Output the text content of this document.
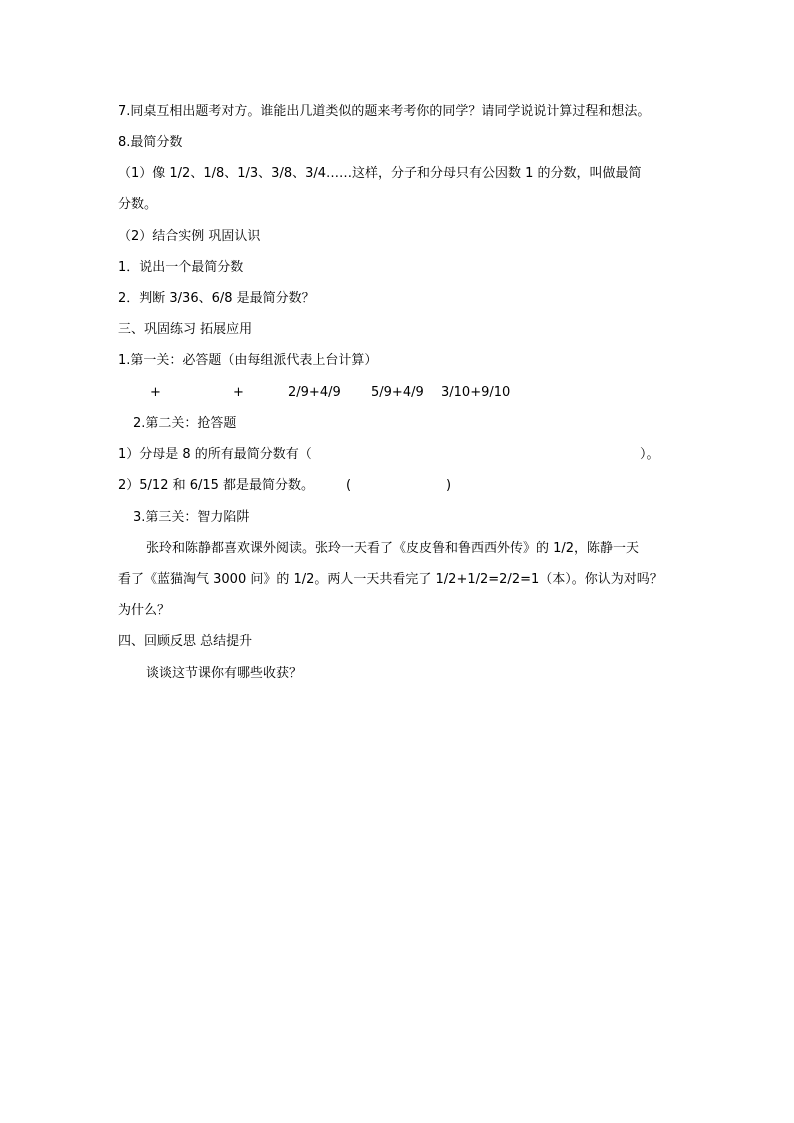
7.同桌互相出题考对方。谁能出几道类似的题来考考你的同学？请同学说说计算过程和想法。
8.最简分数
（1）像 1/2、1/8、1/3、3/8、3/4……这样，分子和分母只有公因数 1 的分数，叫做最简
分数。
（2）结合实例 巩固认识
1．说出一个最简分数
2．判断 3/36、6/8 是最简分数？
三、巩固练习 拓展应用
1.第一关：必答题（由每组派代表上台计算）
+	+	2/9+4/9 5/9+4/9 3/10+9/10
2.第二关：抢答题
1）分母是 8 的所有最简分数有（	）。
2）5/12 和 6/15 都是最简分数。 (	)
3.第三关：智力陷阱
张玲和陈静都喜欢课外阅读。张玲一天看了《皮皮鲁和鲁西西外传》的 1/2，陈静一天
看了《蓝猫淘气 3000 问》的 1/2。两人一天共看完了 1/2+1/2=2/2=1（本）。你认为对吗？
为什么？
四、回顾反思 总结提升
谈谈这节课你有哪些收获？
